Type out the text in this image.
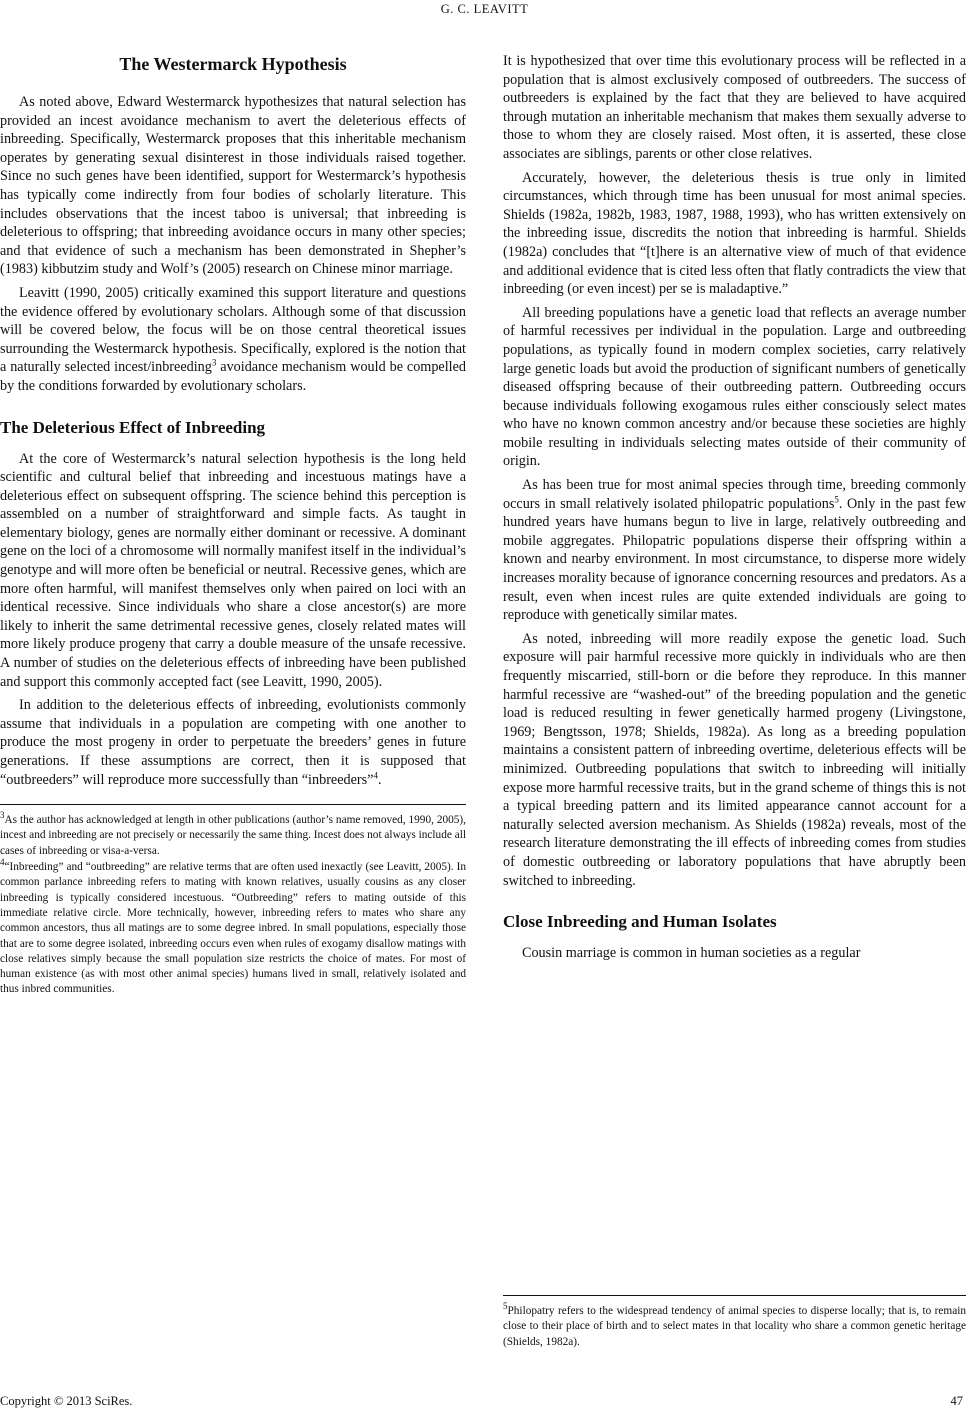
G. C. LEAVITT
The Westermarck Hypothesis

As noted above, Edward Westermarck hypothesizes that natural selection has provided an incest avoidance mechanism to avert the deleterious effects of inbreeding. Specifically, Westermarck proposes that this inheritable mechanism operates by generating sexual disinterest in those individuals raised together. Since no such genes have been identified, support for Westermarck’s hypothesis has typically come indirectly from four bodies of scholarly literature. This includes observations that the incest taboo is universal; that inbreeding is deleterious to offspring; that inbreeding avoidance occurs in many other species; and that evidence of such a mechanism has been demonstrated in Shepher’s (1983) kibbutzim study and Wolf’s (2005) research on Chinese minor marriage.

Leavitt (1990, 2005) critically examined this support literature and questions the evidence offered by evolutionary scholars. Although some of that discussion will be covered below, the focus will be on those central theoretical issues surrounding the Westermarck hypothesis. Specifically, explored is the notion that a naturally selected incest/inbreeding$^3$ avoidance mechanism would be compelled by the conditions forwarded by evolutionary scholars.

The Deleterious Effect of Inbreeding

At the core of Westermarck’s natural selection hypothesis is the long held scientific and cultural belief that inbreeding and incestuous matings have a deleterious effect on subsequent offspring. The science behind this perception is assembled on a number of straightforward and simple facts. As taught in elementary biology, genes are normally either dominant or recessive. A dominant gene on the loci of a chromosome will normally manifest itself in the individual’s genotype and will more often be beneficial or neutral. Recessive genes, which are more often harmful, will manifest themselves only when paired on loci with an identical recessive. Since individuals who share a close ancestor(s) are more likely to inherit the same detrimental recessive genes, closely related mates will more likely produce progeny that carry a double measure of the unsafe recessive. A number of studies on the deleterious effects of inbreeding have been published and support this commonly accepted fact (see Leavitt, 1990, 2005).

In addition to the deleterious effects of inbreeding, evolutionists commonly assume that individuals in a population are competing with one another to produce the most progeny in order to perpetuate the breeders’ genes in future generations. If these assumptions are correct, then it is supposed that “outbreeders” will reproduce more successfully than “inbreeders”$^4$.

$^3$As the author has acknowledged at length in other publications (author’s name removed, 1990, 2005), incest and inbreeding are not precisely or necessarily the same thing. Incest does not always include all cases of inbreeding or visa-a-versa.

$^4$“Inbreeding” and “outbreeding” are relative terms that are often used inexactly (see Leavitt, 2005). In common parlance inbreeding refers to mating with known relatives, usually cousins as any closer inbreeding is typically considered incestuous. “Outbreeding” refers to mating outside of this immediate relative circle. More technically, however, inbreeding refers to mates who share any common ancestors, thus all matings are to some degree inbred. In small populations, especially those that are to some degree isolated, inbreeding occurs even when rules of exogamy disallow matings with close relatives simply because the small population size restricts the choice of mates. For most of human existence (as with most other animal species) humans lived in small, relatively isolated and thus inbred communities.

It is hypothesized that over time this evolutionary process will be reflected in a population that is almost exclusively composed of outbreeders. The success of outbreeders is explained by the fact that they are believed to have acquired through mutation an inheritable mechanism that makes them sexually adverse to those to whom they are closely raised. Most often, it is asserted, these close associates are siblings, parents or other close relatives.

Accurately, however, the deleterious thesis is true only in limited circumstances, which through time has been unusual for most animal species. Shields (1982a, 1982b, 1983, 1987, 1988, 1993), who has written extensively on the inbreeding issue, discredits the notion that inbreeding is harmful. Shields (1982a) concludes that “[t]here is an alternative view of much of that evidence and additional evidence that is cited less often that flatly contradicts the view that inbreeding (or even incest) per se is maladaptive.”

All breeding populations have a genetic load that reflects an average number of harmful recessives per individual in the population. Large and outbreeding populations, as typically found in modern complex societies, carry relatively large genetic loads but avoid the production of significant numbers of genetically diseased offspring because of their outbreeding pattern. Outbreeding occurs because individuals following exogamous rules either consciously select mates who have no known common ancestry and/or because these societies are highly mobile resulting in individuals selecting mates outside of their community of origin.

As has been true for most animal species through time, breeding commonly occurs in small relatively isolated philopatric populations$^5$. Only in the past few hundred years have humans begun to live in large, relatively outbreeding and mobile aggregates. Philopatric populations disperse their offspring within a known and nearby environment. In most circumstance, to disperse more widely increases morality because of ignorance concerning resources and predators. As a result, even when incest rules are quite extended individuals are going to reproduce with genetically similar mates.

As noted, inbreeding will more readily expose the genetic load. Such exposure will pair harmful recessive more quickly in individuals who are then frequently miscarried, still-born or die before they reproduce. In this manner harmful recessive are “washed-out” of the breeding population and the genetic load is reduced resulting in fewer genetically harmed progeny (Livingstone, 1969; Bengtsson, 1978; Shields, 1982a). As long as a breeding population maintains a consistent pattern of inbreeding overtime, deleterious effects will be minimized. Outbreeding populations that switch to inbreeding will initially expose more harmful recessive traits, but in the grand scheme of things this is not a typical breeding pattern and its limited appearance cannot account for a naturally selected aversion mechanism. As Shields (1982a) reveals, most of the research literature demonstrating the ill effects of inbreeding comes from studies of domestic outbreeding or laboratory populations that have abruptly been switched to inbreeding.

Close Inbreeding and Human Isolates

Cousin marriage is common in human societies as a regular

$^5$Philopatry refers to the widespread tendency of animal species to disperse locally; that is, to remain close to their place of birth and to select mates in that locality who share a common genetic heritage (Shields, 1982a).

Copyright © 2013 SciRes.	47
